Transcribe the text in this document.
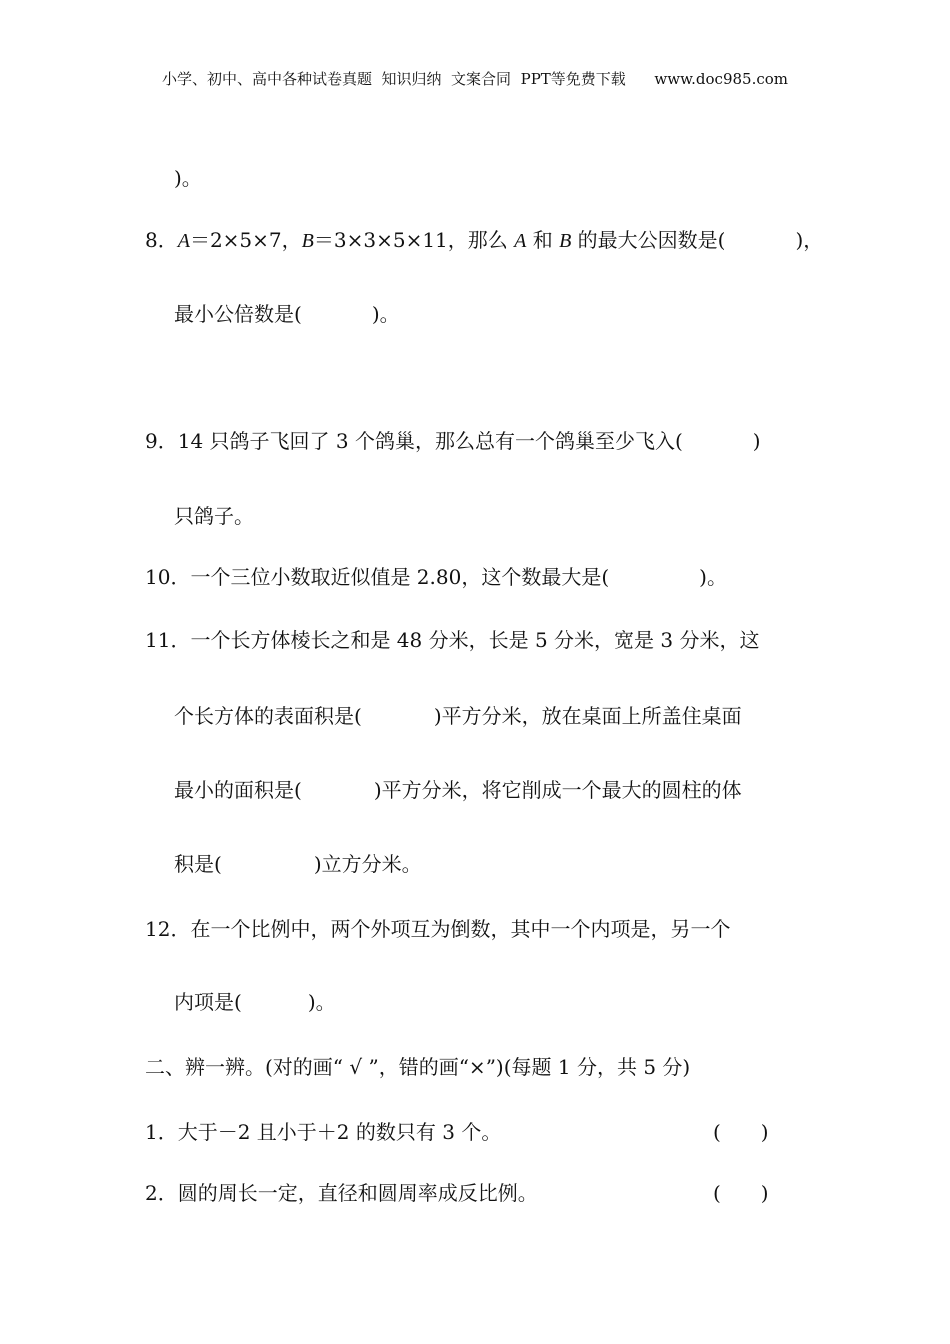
小学、初中、高中各种试卷真题  知识归纳  文案合同  PPT等免费下载 www.doc985.com
)。
8．A＝2×5×7，B＝3×3×5×11，那么 A 和 B 的最大公因数是(	)，
最小公倍数是(	)。
9．14 只鸽子飞回了 3 个鸽巢，那么总有一个鸽巢至少飞入(	)
只鸽子。
10．一个三位小数取近似值是 2.80，这个数最大是(	)。
11．一个长方体棱长之和是 48 分米，长是 5 分米，宽是 3 分米，这
个长方体的表面积是(	)平方分米，放在桌面上所盖住桌面
最小的面积是(	)平方分米，将它削成一个最大的圆柱的体
积是(	)立方分米。
12．在一个比例中，两个外项互为倒数，其中一个内项是，另一个
内项是(	)。
二、辨一辨。(对的画“ √ ”，错的画“×”)(每题 1 分，共 5 分)
1．大于－2 且小于＋2 的数只有 3 个。	(　　)
2．圆的周长一定，直径和圆周率成反比例。	(　　)
